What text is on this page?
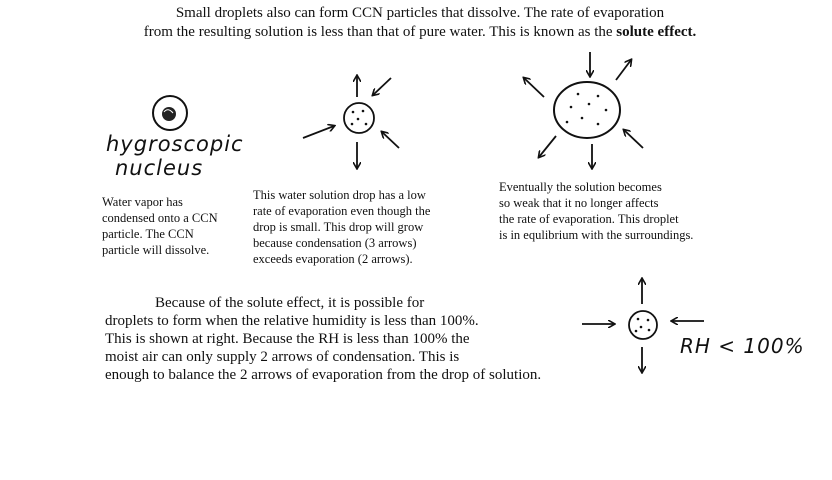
Small droplets also can form CCN particles that dissolve. The rate of evaporation
from the resulting solution is less than that of pure water. This is known as the solute effect.
hygroscopic
nucleus
Water vapor has
condensed onto a CCN
particle. The CCN
particle will dissolve.
This water solution drop has a low
rate of evaporation even though the
drop is small. This drop will grow
because condensation (3 arrows)
exceeds evaporation (2 arrows).
Eventually the solution becomes
so weak that it no longer affects
the rate of evaporation. This droplet
is in equlibrium with the surroundings.
Because of the solute effect, it is possible for
droplets to form when the relative humidity is less than 100%.
This is shown at right. Because the RH is less than 100% the
moist air can only supply 2 arrows of condensation. This is
enough to balance the 2 arrows of evaporation from the drop of solution.
RH < 100%
